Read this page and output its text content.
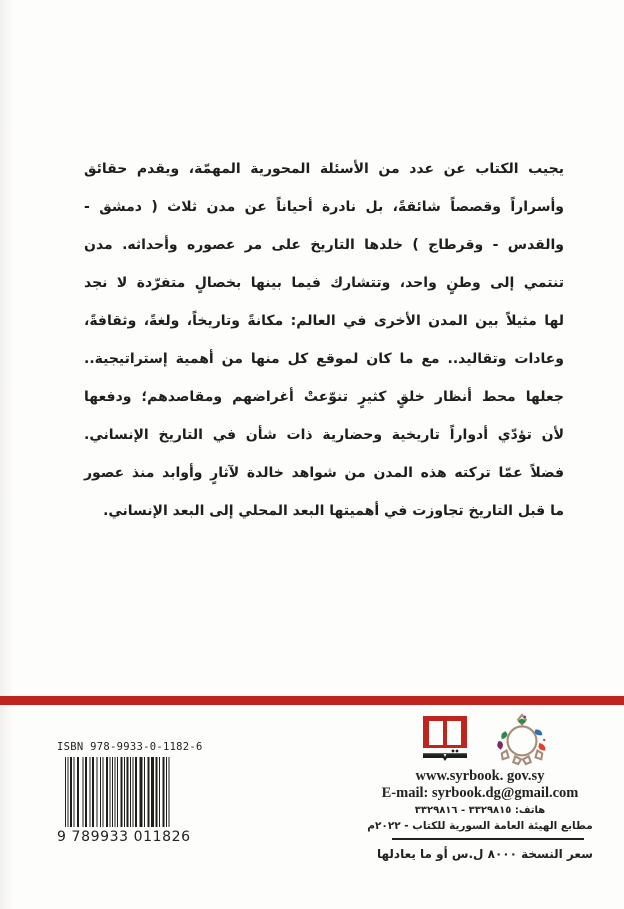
يجيب الكتاب عن عدد من الأسئلة المحورية المهمّة، ويقدم حقائق

وأسراراً وقصصاً شائقةً، بل نادرة أحياناً عن مدن ثلاث ( دمشق -

والقدس - وقرطاج ) خلدها التاريخ على مر عصوره وأحداثه. مدن

تنتمي إلى وطنٍ واحد، وتتشارك فيما بينها بخصالٍ متفرّدة لا نجد

لها مثيلاً بين المدن الأخرى في العالم: مكانةً وتاريخاً، ولغةً، وثقافةً،

وعادات وتقاليد.. مع ما كان لموقع كل منها من أهمية إستراتيجية..

جعلها محط أنظار خلقٍ كثيرٍ تنوّعتْ أغراضهم ومقاصدهم؛ ودفعها

لأن تؤدّي أدواراً تاريخية وحضارية ذات شأن في التاريخ الإنساني.

فضلاً عمّا تركته هذه المدن من شواهد خالدة لآثارٍ وأوابد منذ عصور

ما قبل التاريخ تجاوزت في أهميتها البعد المحلي إلى البعد الإنساني.

ISBN 978-9933-0-1182-6
9 789933 011826
www.syrbook. gov.sy
E-mail: syrbook.dg@gmail.com
هاتف: ٣٣٢٩٨١٥ - ٣٣٢٩٨١٦
مطابع الهيئة العامة السورية للكتاب - ٢٠٢٢م
سعر النسخة ٨٠٠٠ ل.س أو ما يعادلها
